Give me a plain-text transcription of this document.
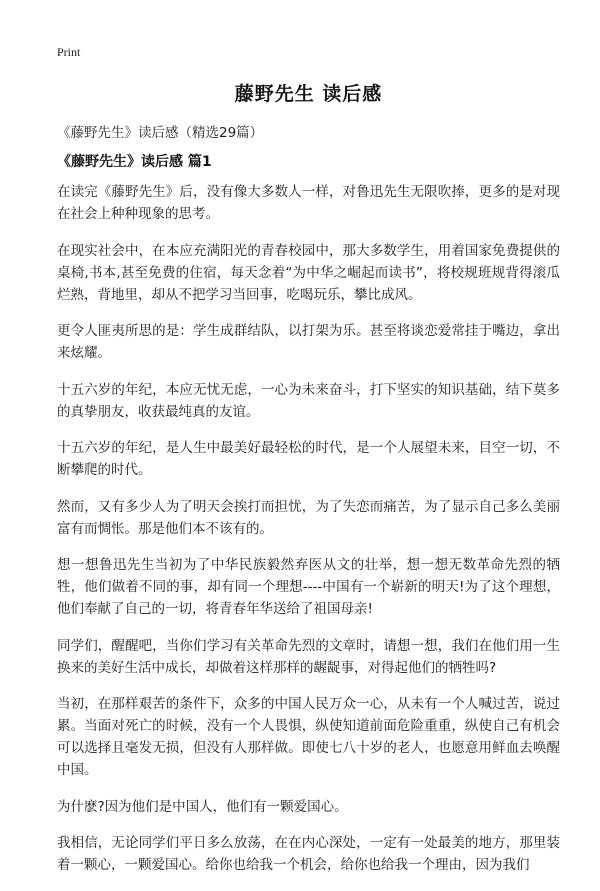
Print
藤野先生 读后感
《藤野先生》读后感（精选29篇）
《藤野先生》读后感 篇1

在读完《藤野先生》后，没有像大多数人一样，对鲁迅先生无限吹捧，更多的是对现在社会上种种现象的思考。

在现实社会中，在本应充满阳光的青春校园中，那大多数学生，用着国家免费提供的桌椅,书本,甚至免费的住宿，每天念着“为中华之崛起而读书”，将校规班规背得滚瓜烂熟，背地里，却从不把学习当回事，吃喝玩乐，攀比成风。

更令人匪夷所思的是：学生成群结队，以打架为乐。甚至将谈恋爱常挂于嘴边，拿出来炫耀。

十五六岁的年纪，本应无忧无虑，一心为未来奋斗，打下坚实的知识基础，结下莫多的真挚朋友，收获最纯真的友谊。

十五六岁的年纪，是人生中最美好最轻松的时代，是一个人展望未来，目空一切，不断攀爬的时代。

然而，又有多少人为了明天会挨打而担忧，为了失恋而痛苦，为了显示自己多么美丽富有而惆怅。那是他们本不该有的。

想一想鲁迅先生当初为了中华民族毅然弃医从文的壮举，想一想无数革命先烈的牺牲，他们做着不同的事，却有同一个理想----中国有一个崭新的明天!为了这个理想，他们奉献了自己的一切，将青春年华送给了祖国母亲!

同学们，醒醒吧，当你们学习有关革命先烈的文章时，请想一想，我们在他们用一生换来的美好生活中成长，却做着这样那样的龌龊事，对得起他们的牺牲吗?

当初，在那样艰苦的条件下，众多的中国人民万众一心，从未有一个人喊过苦，说过累。当面对死亡的时候，没有一个人畏惧，纵使知道前面危险重重，纵使自己有机会可以选择且毫发无损，但没有人那样做。即使七八十岁的老人，也愿意用鲜血去唤醒中国。

为什麽?因为他们是中国人，他们有一颗爱国心。

我相信，无论同学们平日多么放荡，在在内心深处，一定有一处最美的地方，那里装着一颗心，一颗爱国心。给你也给我一个机会，给你也给我一个理由，因为我们
